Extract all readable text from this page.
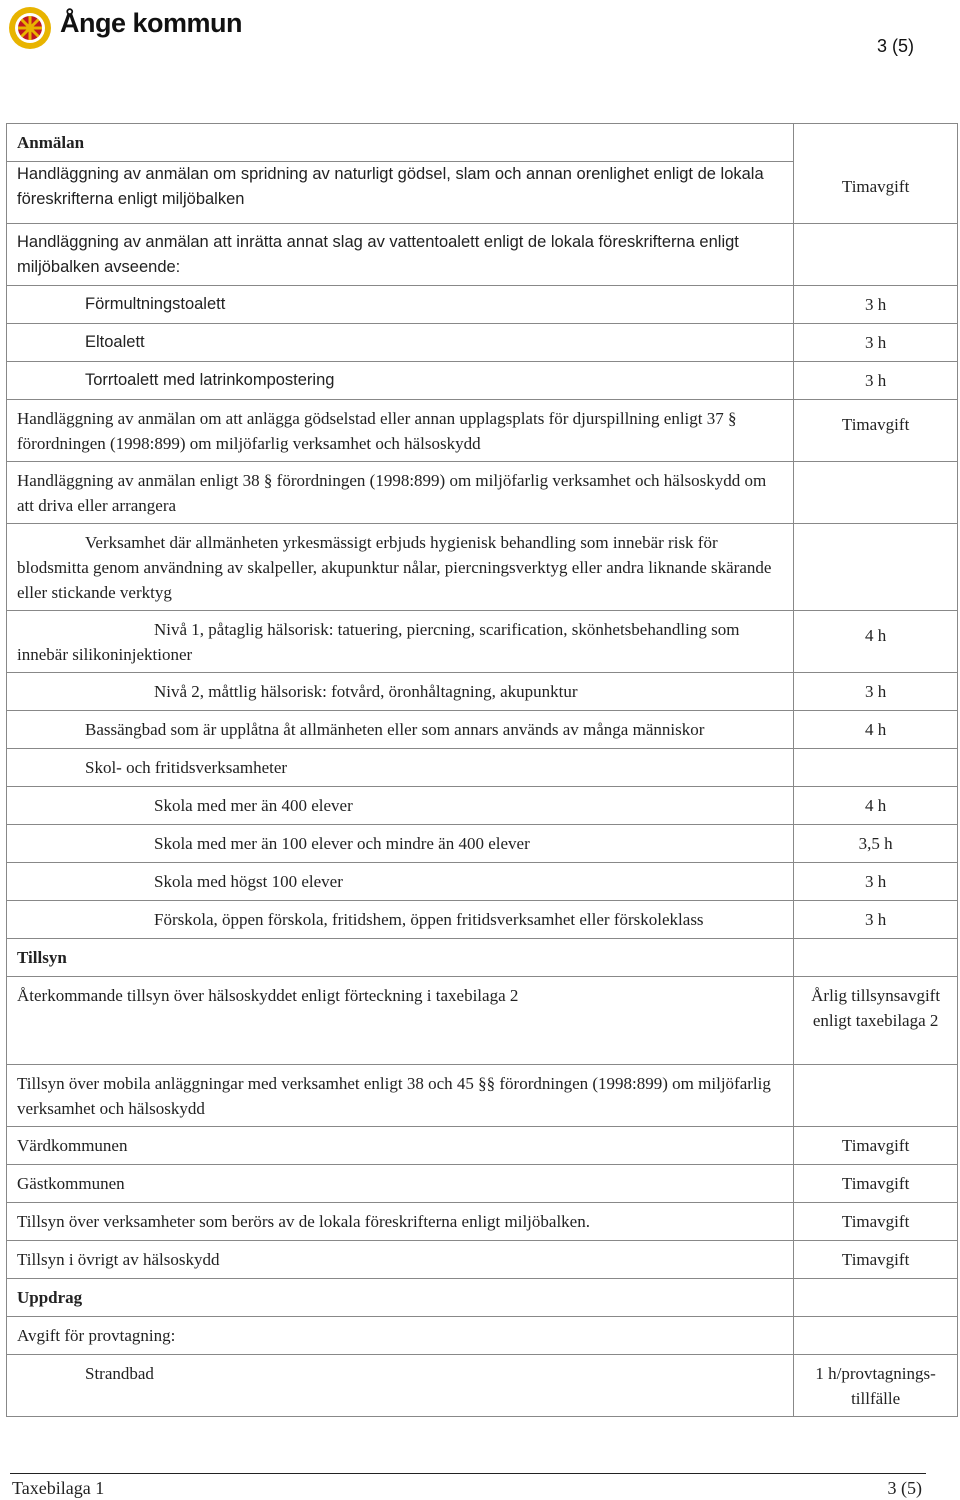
Ånge kommun
3 (5)
Anmälan	Timavgift

Handläggning av anmälan om spridning av naturligt gödsel, slam och annan orenlighet enligt de lokala föreskrifterna enligt miljöbalken	

Handläggning av anmälan att inrätta annat slag av vattentoalett enligt de lokala föreskrifterna enligt miljöbalken avseende:	

Förmultningstoalett	3 h

Eltoalett	3 h

Torrtoalett med latrinkompostering	3 h

Handläggning av anmälan om att anlägga gödselstad eller annan upplagsplats för djurspillning enligt 37 § förordningen (1998:899) om miljöfarlig verksamhet och hälsoskydd	Timavgift

Handläggning av anmälan enligt 38 § förordningen (1998:899) om miljöfarlig verksamhet och hälsoskydd om att driva eller arrangera	

Verksamhet där allmänheten yrkesmässigt erbjuds hygienisk behandling som innebär risk för blodsmitta genom användning av skalpeller, akupunktur nålar, piercningsverktyg eller andra liknande skärande eller stickande verktyg	

Nivå 1, påtaglig hälsorisk: tatuering, piercning, scarification, skönhetsbehandling som innebär silikoninjektioner	4 h

Nivå 2, måttlig hälsorisk: fotvård, öronhåltagning, akupunktur	3 h

Bassängbad som är upplåtna åt allmänheten eller som annars används av många människor	4 h

Skol- och fritidsverksamheter	

Skola med mer än 400 elever	4 h

Skola med mer än 100 elever och mindre än 400 elever	3,5 h

Skola med högst 100 elever	3 h

Förskola, öppen förskola, fritidshem, öppen fritidsverksamhet eller förskoleklass	3 h

Tillsyn	

Återkommande tillsyn över hälsoskyddet enligt förteckning i taxebilaga 2	Årlig tillsynsavgift enligt taxebilaga 2

Tillsyn över mobila anläggningar med verksamhet enligt 38 och 45 §§ förordningen (1998:899) om miljöfarlig verksamhet och hälsoskydd	

Värdkommunen	Timavgift

Gästkommunen	Timavgift

Tillsyn över verksamheter som berörs av de lokala föreskrifterna enligt miljöbalken.	Timavgift

Tillsyn i övrigt av hälsoskydd	Timavgift

Uppdrag	

Avgift för provtagning:	

Strandbad	1 h/provtagnings-tillfälle
Taxebilaga 1	3 (5)
